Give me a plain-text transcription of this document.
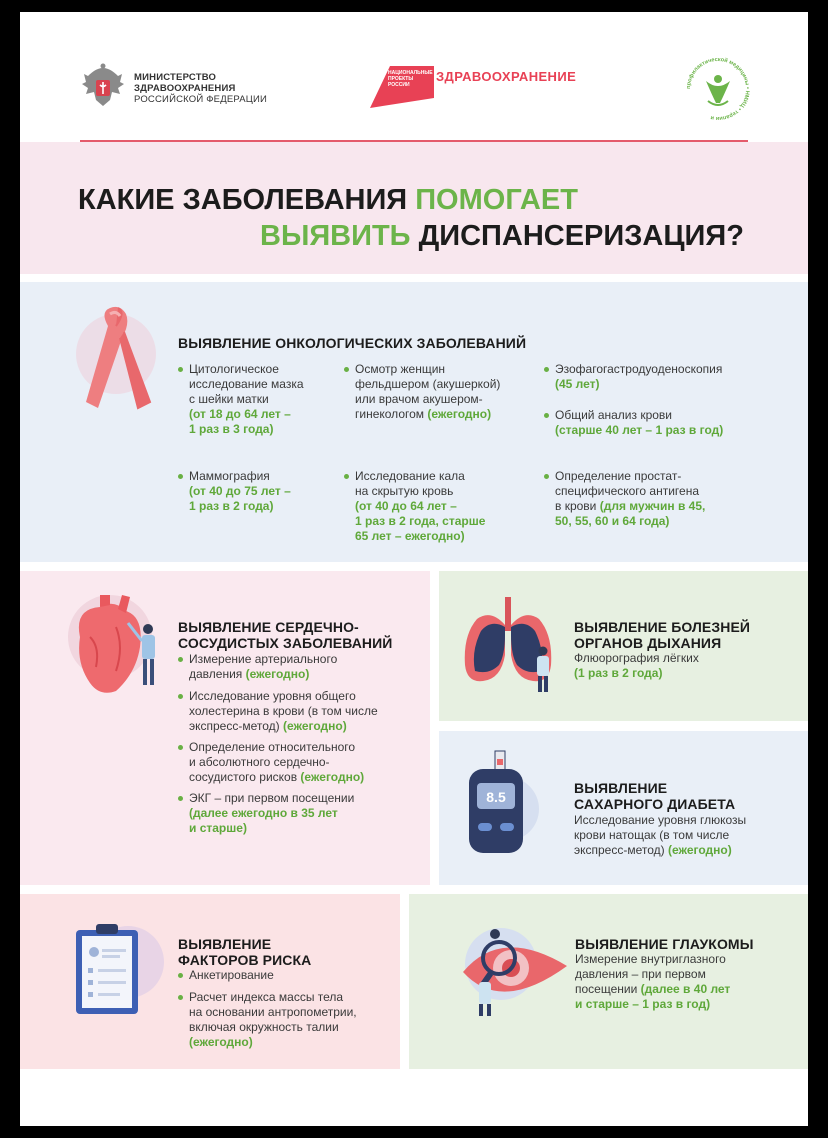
МИНИСТЕРСТВО
ЗДРАВООХРАНЕНИЯ
РОССИЙСКОЙ ФЕДЕРАЦИИ
НАЦИОНАЛЬНЫЕ
ПРОЕКТЫ
РОССИИ
ЗДРАВООХРАНЕНИЕ
профилактической медицины • НМИЦ • терапии и
КАКИЕ ЗАБОЛЕВАНИЯ ПОМОГАЕТ
ВЫЯВИТЬ ДИСПАНСЕРИЗАЦИЯ?
ВЫЯВЛЕНИЕ ОНКОЛОГИЧЕСКИХ ЗАБОЛЕВАНИЙ
Цитологическое
исследование мазка
с шейки матки
(от 18 до 64 лет –
1 раз в 3 года)
Маммография
(от 40 до 75 лет –
1 раз в 2 года)
Осмотр женщин
фельдшером (акушеркой)
или врачом акушером-
гинекологом (ежегодно)
Исследование кала
на скрытую кровь
(от 40 до 64 лет –
1 раз в 2 года, старше
65 лет – ежегодно)
Эзофагогастродуоденоскопия
(45 лет)
Общий анализ крови
(старше 40 лет – 1 раз в год)
Определение простат-
специфического антигена
в крови (для мужчин в 45,
50, 55, 60 и 64 года)
ВЫЯВЛЕНИЕ СЕРДЕЧНО-
СОСУДИСТЫХ ЗАБОЛЕВАНИЙ
Измерение артериального
давления (ежегодно)
Исследование уровня общего
холестерина в крови (в том числе
экспресс-метод) (ежегодно)
Определение относительного
и абсолютного сердечно-
сосудистого рисков (ежегодно)
ЭКГ – при первом посещении
(далее ежегодно в 35 лет
и старше)
ВЫЯВЛЕНИЕ БОЛЕЗНЕЙ
ОРГАНОВ ДЫХАНИЯ
Флюорография лёгких
(1 раз в 2 года)
8.5
ВЫЯВЛЕНИЕ
САХАРНОГО ДИАБЕТА
Исследование уровня глюкозы
крови натощак (в том числе
экспресс-метод) (ежегодно)
ВЫЯВЛЕНИЕ
ФАКТОРОВ РИСКА
Анкетирование
Расчет индекса массы тела
на основании антропометрии,
включая окружность талии
(ежегодно)
ВЫЯВЛЕНИЕ ГЛАУКОМЫ
Измерение внутриглазного
давления – при первом
посещении (далее в 40 лет
и старше – 1 раз в год)
